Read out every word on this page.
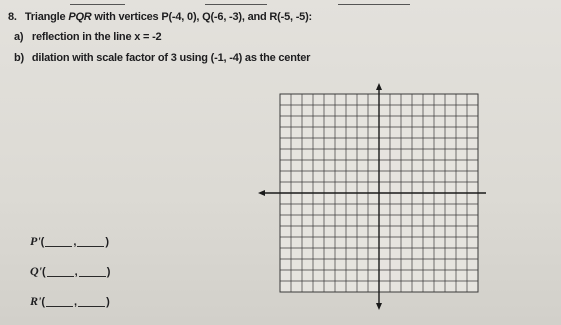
8. Triangle PQR with vertices P(-4, 0), Q(-6, -3), and R(-5, -5):
a) reflection in the line x = -2
b) dilation with scale factor of 3 using (-1, -4) as the center
P'(	,	)
Q'(	,	)
R'(	,	)
